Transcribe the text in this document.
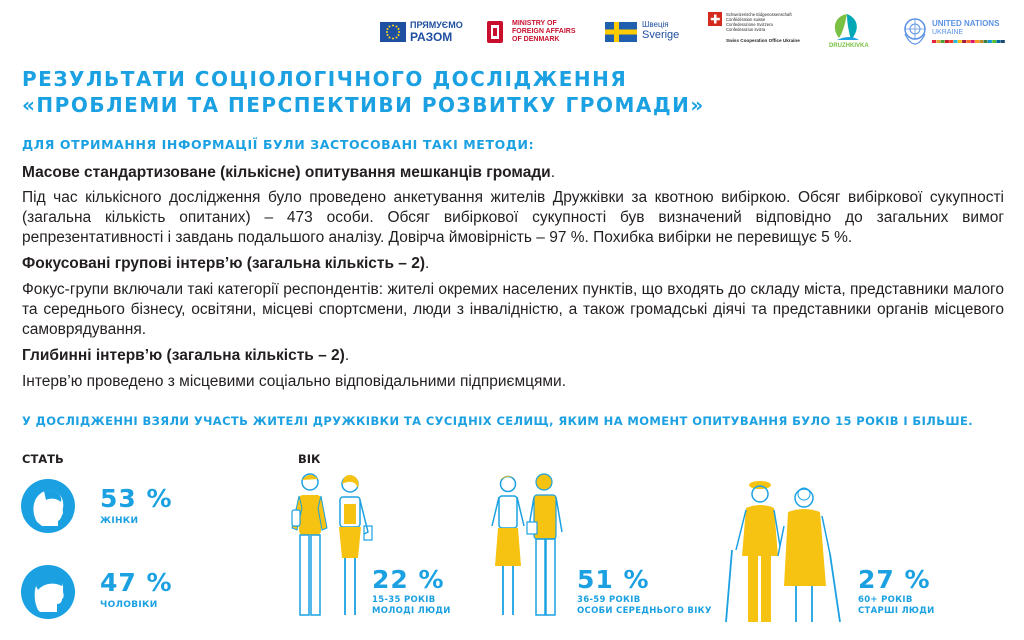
ПРЯМУЄМО
РАЗОМ
MINISTRY OF
FOREIGN AFFAIRS
OF DENMARK
Швеція
Sverige
Schweizerische Eidgenossenschaft
Confédération suisse
Confederazione Svizzera
Confederaziun svizra
Swiss Cooperation Office Ukraine
DRUZHKIVKA
UNITED NATIONS
UKRAINE
РЕЗУЛЬТАТИ СОЦІОЛОГІЧНОГО ДОСЛІДЖЕННЯ
«ПРОБЛЕМИ ТА ПЕРСПЕКТИВИ РОЗВИТКУ ГРОМАДИ»

ДЛЯ ОТРИМАННЯ ІНФОРМАЦІЇ БУЛИ ЗАСТОСОВАНІ ТАКІ МЕТОДИ:

Масове стандартизоване (кількісне) опитування мешканців громади.

Під час кількісного дослідження було проведено анкетування жителів Дружківки за квотною вибіркою. Обсяг вибіркової сукупності (загальна кількість опитаних) – 473 особи. Обсяг вибіркової сукупності був визначений відповідно до загальних вимог репрезентативності і завдань подальшого аналізу. Довірча ймовірність – 97 %. Похибка вибірки не перевищує 5 %.

Фокусовані групові інтерв’ю (загальна кількість – 2).

Фокус-групи включали такі категорії респондентів: жителі окремих населених пунктів, що входять до складу міста, представники малого та середнього бізнесу, освітяни, місцеві спортсмени, люди з інвалідністю, а також громадські діячі та представники органів місцевого самоврядування.

Глибинні інтерв’ю (загальна кількість – 2).

Інтерв’ю проведено з місцевими соціально відповідальними підприємцями.

У ДОСЛІДЖЕННІ ВЗЯЛИ УЧАСТЬ ЖИТЕЛІ ДРУЖКІВКИ ТА СУСІДНІХ СЕЛИЩ, ЯКИМ НА МОМЕНТ ОПИТУВАННЯ БУЛО 15 РОКІВ І БІЛЬШЕ.

СТАТЬ

53 %
ЖІНКИ
47 %
ЧОЛОВІКИ

ВІК

22 %
15-35 РОКІВ
МОЛОДІ ЛЮДИ
51 %
36-59 РОКІВ
ОСОБИ СЕРЕДНЬОГО ВІКУ
27 %
60+ РОКІВ
СТАРШІ ЛЮДИ
